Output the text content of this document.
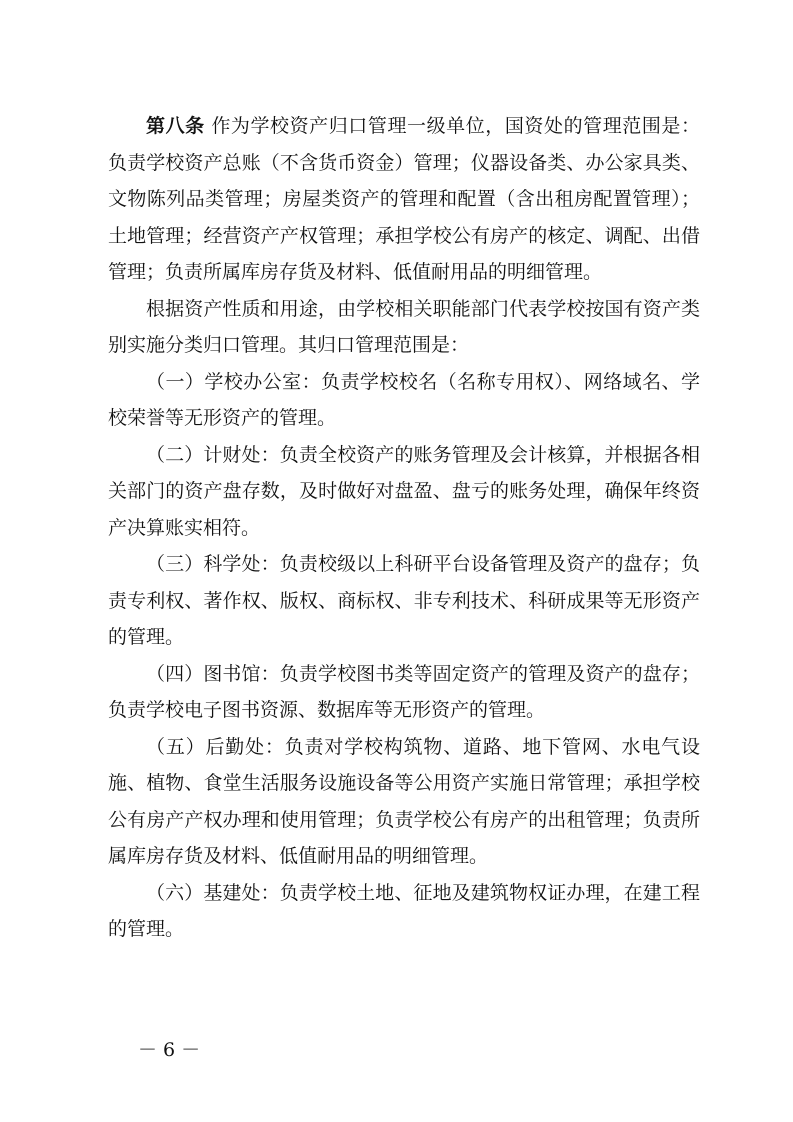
第八条 作为学校资产归口管理一级单位，国资处的管理范围是：负责学校资产总账（不含货币资金）管理；仪器设备类、办公家具类、文物陈列品类管理；房屋类资产的管理和配置（含出租房配置管理）；土地管理；经营资产产权管理；承担学校公有房产的核定、调配、出借管理；负责所属库房存货及材料、低值耐用品的明细管理。

根据资产性质和用途，由学校相关职能部门代表学校按国有资产类别实施分类归口管理。其归口管理范围是：

（一）学校办公室：负责学校校名（名称专用权）、网络域名、学校荣誉等无形资产的管理。

（二）计财处：负责全校资产的账务管理及会计核算，并根据各相关部门的资产盘存数，及时做好对盘盈、盘亏的账务处理，确保年终资产决算账实相符。

（三）科学处：负责校级以上科研平台设备管理及资产的盘存；负责专利权、著作权、版权、商标权、非专利技术、科研成果等无形资产的管理。

（四）图书馆：负责学校图书类等固定资产的管理及资产的盘存；负责学校电子图书资源、数据库等无形资产的管理。

（五）后勤处：负责对学校构筑物、道路、地下管网、水电气设施、植物、食堂生活服务设施设备等公用资产实施日常管理；承担学校公有房产产权办理和使用管理；负责学校公有房产的出租管理；负责所属库房存货及材料、低值耐用品的明细管理。

（六）基建处：负责学校土地、征地及建筑物权证办理，在建工程的管理。

－ 6 －
